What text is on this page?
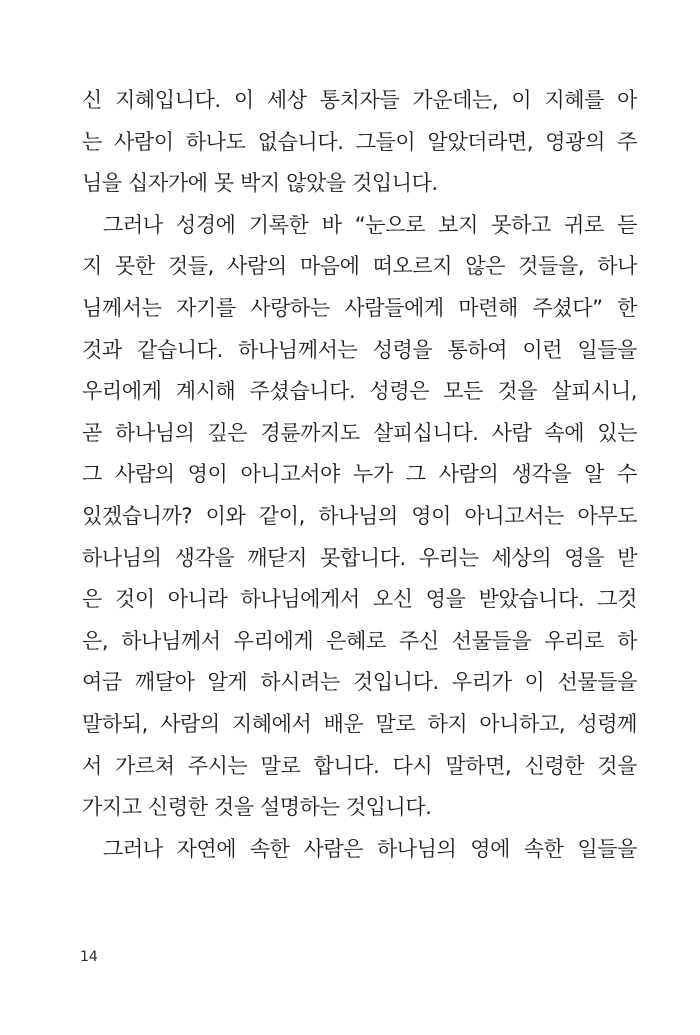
신 지혜입니다. 이 세상 통치자들 가운데는, 이 지혜를 아
는 사람이 하나도 없습니다. 그들이 알았더라면, 영광의 주
님을 십자가에 못 박지 않았을 것입니다.
그러나 성경에 기록한 바 “눈으로 보지 못하고 귀로 듣
지 못한 것들, 사람의 마음에 떠오르지 않은 것들을, 하나
님께서는 자기를 사랑하는 사람들에게 마련해 주셨다” 한
것과 같습니다. 하나님께서는 성령을 통하여 이런 일들을
우리에게 계시해 주셨습니다. 성령은 모든 것을 살피시니,
곧 하나님의 깊은 경륜까지도 살피십니다. 사람 속에 있는
그 사람의 영이 아니고서야 누가 그 사람의 생각을 알 수
있겠습니까? 이와 같이, 하나님의 영이 아니고서는 아무도
하나님의 생각을 깨닫지 못합니다. 우리는 세상의 영을 받
은 것이 아니라 하나님에게서 오신 영을 받았습니다. 그것
은, 하나님께서 우리에게 은혜로 주신 선물들을 우리로 하
여금 깨달아 알게 하시려는 것입니다. 우리가 이 선물들을
말하되, 사람의 지혜에서 배운 말로 하지 아니하고, 성령께
서 가르쳐 주시는 말로 합니다. 다시 말하면, 신령한 것을
가지고 신령한 것을 설명하는 것입니다.
그러나 자연에 속한 사람은 하나님의 영에 속한 일들을
14
